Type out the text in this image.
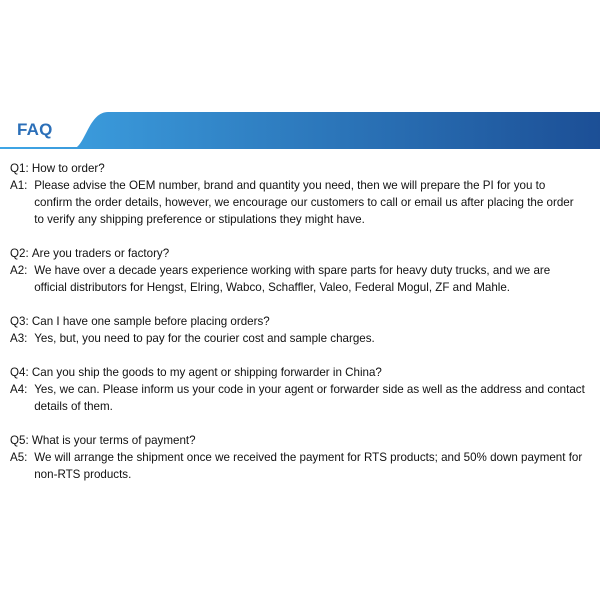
FAQ
Q1:
How to order?
A1:
Please advise the OEM number, brand and quantity you need, then we will prepare the PI for you to confirm the order details, however, we encourage our customers to call or email us after placing the order to verify any shipping preference or stipulations they might have.
Q2:
Are you traders or factory?
A2:
We have over a decade years experience working with spare parts for heavy duty trucks, and we are official distributors for Hengst, Elring, Wabco, Schaffler, Valeo, Federal Mogul, ZF and Mahle.
Q3:
Can I have one sample before placing orders?
A3:
Yes, but, you need to pay for the courier cost and sample charges.
Q4:
Can you ship the goods to my agent or shipping forwarder in China?
A4:
Yes, we can. Please inform us your code in your agent or forwarder side as well as the address and contact details of them.
Q5:
What is your terms of payment?
A5:
We will arrange the shipment once we received the payment for RTS products; and 50% down payment for non-RTS products.
